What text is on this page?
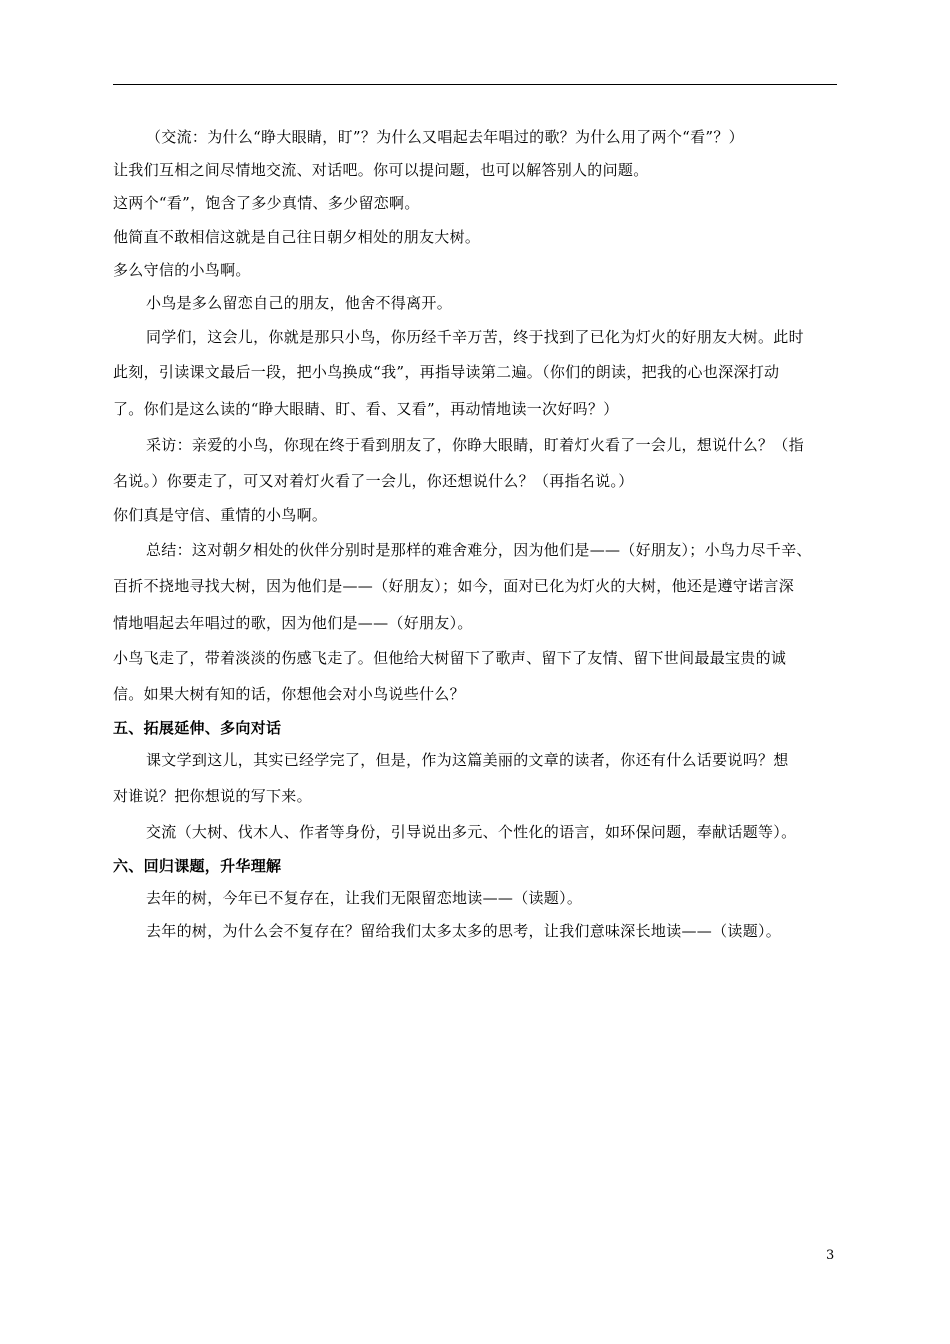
（交流：为什么“睁大眼睛，盯”？为什么又唱起去年唱过的歌？为什么用了两个“看”？）
让我们互相之间尽情地交流、对话吧。你可以提问题，也可以解答别人的问题。
这两个“看”，饱含了多少真情、多少留恋啊。
他简直不敢相信这就是自己往日朝夕相处的朋友大树。
多么守信的小鸟啊。
小鸟是多么留恋自己的朋友，他舍不得离开。
同学们，这会儿，你就是那只小鸟，你历经千辛万苦，终于找到了已化为灯火的好朋友大树。此时
此刻，引读课文最后一段，把小鸟换成“我”，再指导读第二遍。（你们的朗读，把我的心也深深打动
了。你们是这么读的“睁大眼睛、盯、看、又看”，再动情地读一次好吗？）
采访：亲爱的小鸟，你现在终于看到朋友了，你睁大眼睛，盯着灯火看了一会儿，想说什么？（指
名说。）你要走了，可又对着灯火看了一会儿，你还想说什么？（再指名说。）
你们真是守信、重情的小鸟啊。
总结：这对朝夕相处的伙伴分别时是那样的难舍难分，因为他们是——（好朋友）；小鸟力尽千辛、
百折不挠地寻找大树，因为他们是——（好朋友）；如今，面对已化为灯火的大树，他还是遵守诺言深
情地唱起去年唱过的歌，因为他们是——（好朋友）。
小鸟飞走了，带着淡淡的伤感飞走了。但他给大树留下了歌声、留下了友情、留下世间最最宝贵的诚
信。如果大树有知的话，你想他会对小鸟说些什么？
五、拓展延伸、多向对话
课文学到这儿，其实已经学完了，但是，作为这篇美丽的文章的读者，你还有什么话要说吗？想
对谁说？把你想说的写下来。
交流（大树、伐木人、作者等身份，引导说出多元、个性化的语言，如环保问题，奉献话题等）。
六、回归课题，升华理解
去年的树，今年已不复存在，让我们无限留恋地读——（读题）。
去年的树，为什么会不复存在？留给我们太多太多的思考，让我们意味深长地读——（读题）。
3
